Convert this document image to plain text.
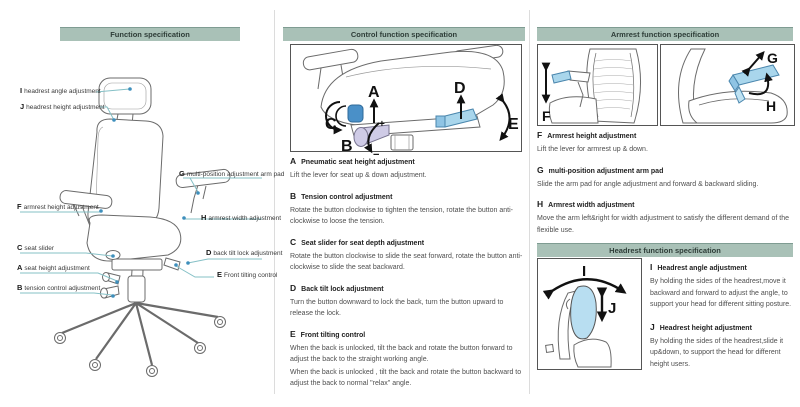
Function specification
I headrest angle adjustment
J headrest height adjustment
G multi-position adjustment arm pad
F armrest height adjustment
H armrest width adjustment
C seat slider	D back tilt lock adjustment
A seat height adjustment
E Front tilting control
B tension control adjustment
Control function specification
C
B
A	D
E
+
−
A Pneumatic seat height adjustment
Lift the lever for seat up & down adjustment.
B Tension control adjustment
Rotate the button clockwise to tighten the tension, rotate the button anti-clockwise to loose the tension.
C Seat slider for seat depth adjustment
Rotate the button clockwise to slide the seat forward, rotate the button anti-clockwise to slide the seat backward.
D Back tilt lock adjustment
Turn the button downward to lock the back, turn the button upward to release the lock.
E Front tilting control
When the back is unlocked, tilt the back and rotate the button forward to adjust the back to the straight working angle.
When the back is unlocked , tilt the back and rotate the button backward to adjust the back to normal "relax" angle.
Armrest function specification
F
G
H
F Armrest height adjustment
Lift the lever for armrest up & down.
G multi-position adjustment arm pad
Slide the arm pad for angle adjustment and forward & backward sliding.
H Armrest width adjustment
Move the arm left&right for width adjustment to satisfy the different demand of the flexible use.
Headrest function specification
I
J
I Headrest angle adjustment
By holding the sides of the headrest,move it backward and forward to adjust the angle, to support your head for different sitting posture.
J Headrest height adjustment
By holding the sides of the headrest,slide it up&down, to support the head for different height users.
